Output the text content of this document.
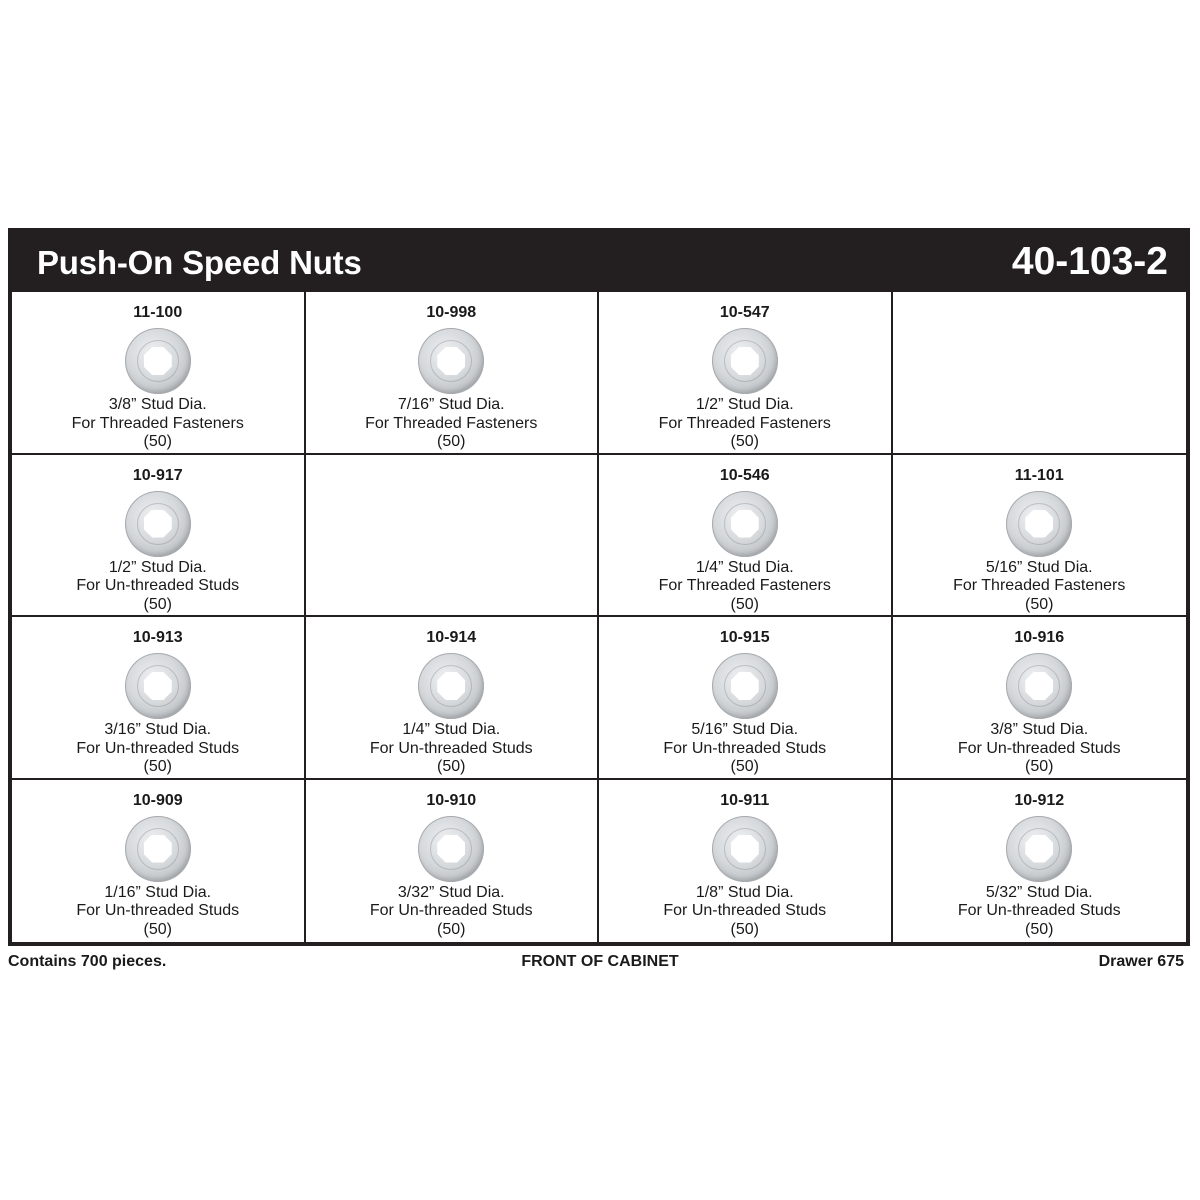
Push-On Speed Nuts	40-103-2
11-100
3/8” Stud Dia.
For Threaded Fasteners
(50)
10-998
7/16” Stud Dia.
For Threaded Fasteners
(50)
10-547
1/2” Stud Dia.
For Threaded Fasteners
(50)
10-917
1/2” Stud Dia.
For Un-threaded Studs
(50)
10-546
1/4” Stud Dia.
For Threaded Fasteners
(50)
11-101
5/16” Stud Dia.
For Threaded Fasteners
(50)
10-913
3/16” Stud Dia.
For Un-threaded Studs
(50)
10-914
1/4” Stud Dia.
For Un-threaded Studs
(50)
10-915
5/16” Stud Dia.
For Un-threaded Studs
(50)
10-916
3/8” Stud Dia.
For Un-threaded Studs
(50)
10-909
1/16” Stud Dia.
For Un-threaded Studs
(50)
10-910
3/32” Stud Dia.
For Un-threaded Studs
(50)
10-911
1/8” Stud Dia.
For Un-threaded Studs
(50)
10-912
5/32” Stud Dia.
For Un-threaded Studs
(50)
Contains 700 pieces.	FRONT OF CABINET	Drawer 675
